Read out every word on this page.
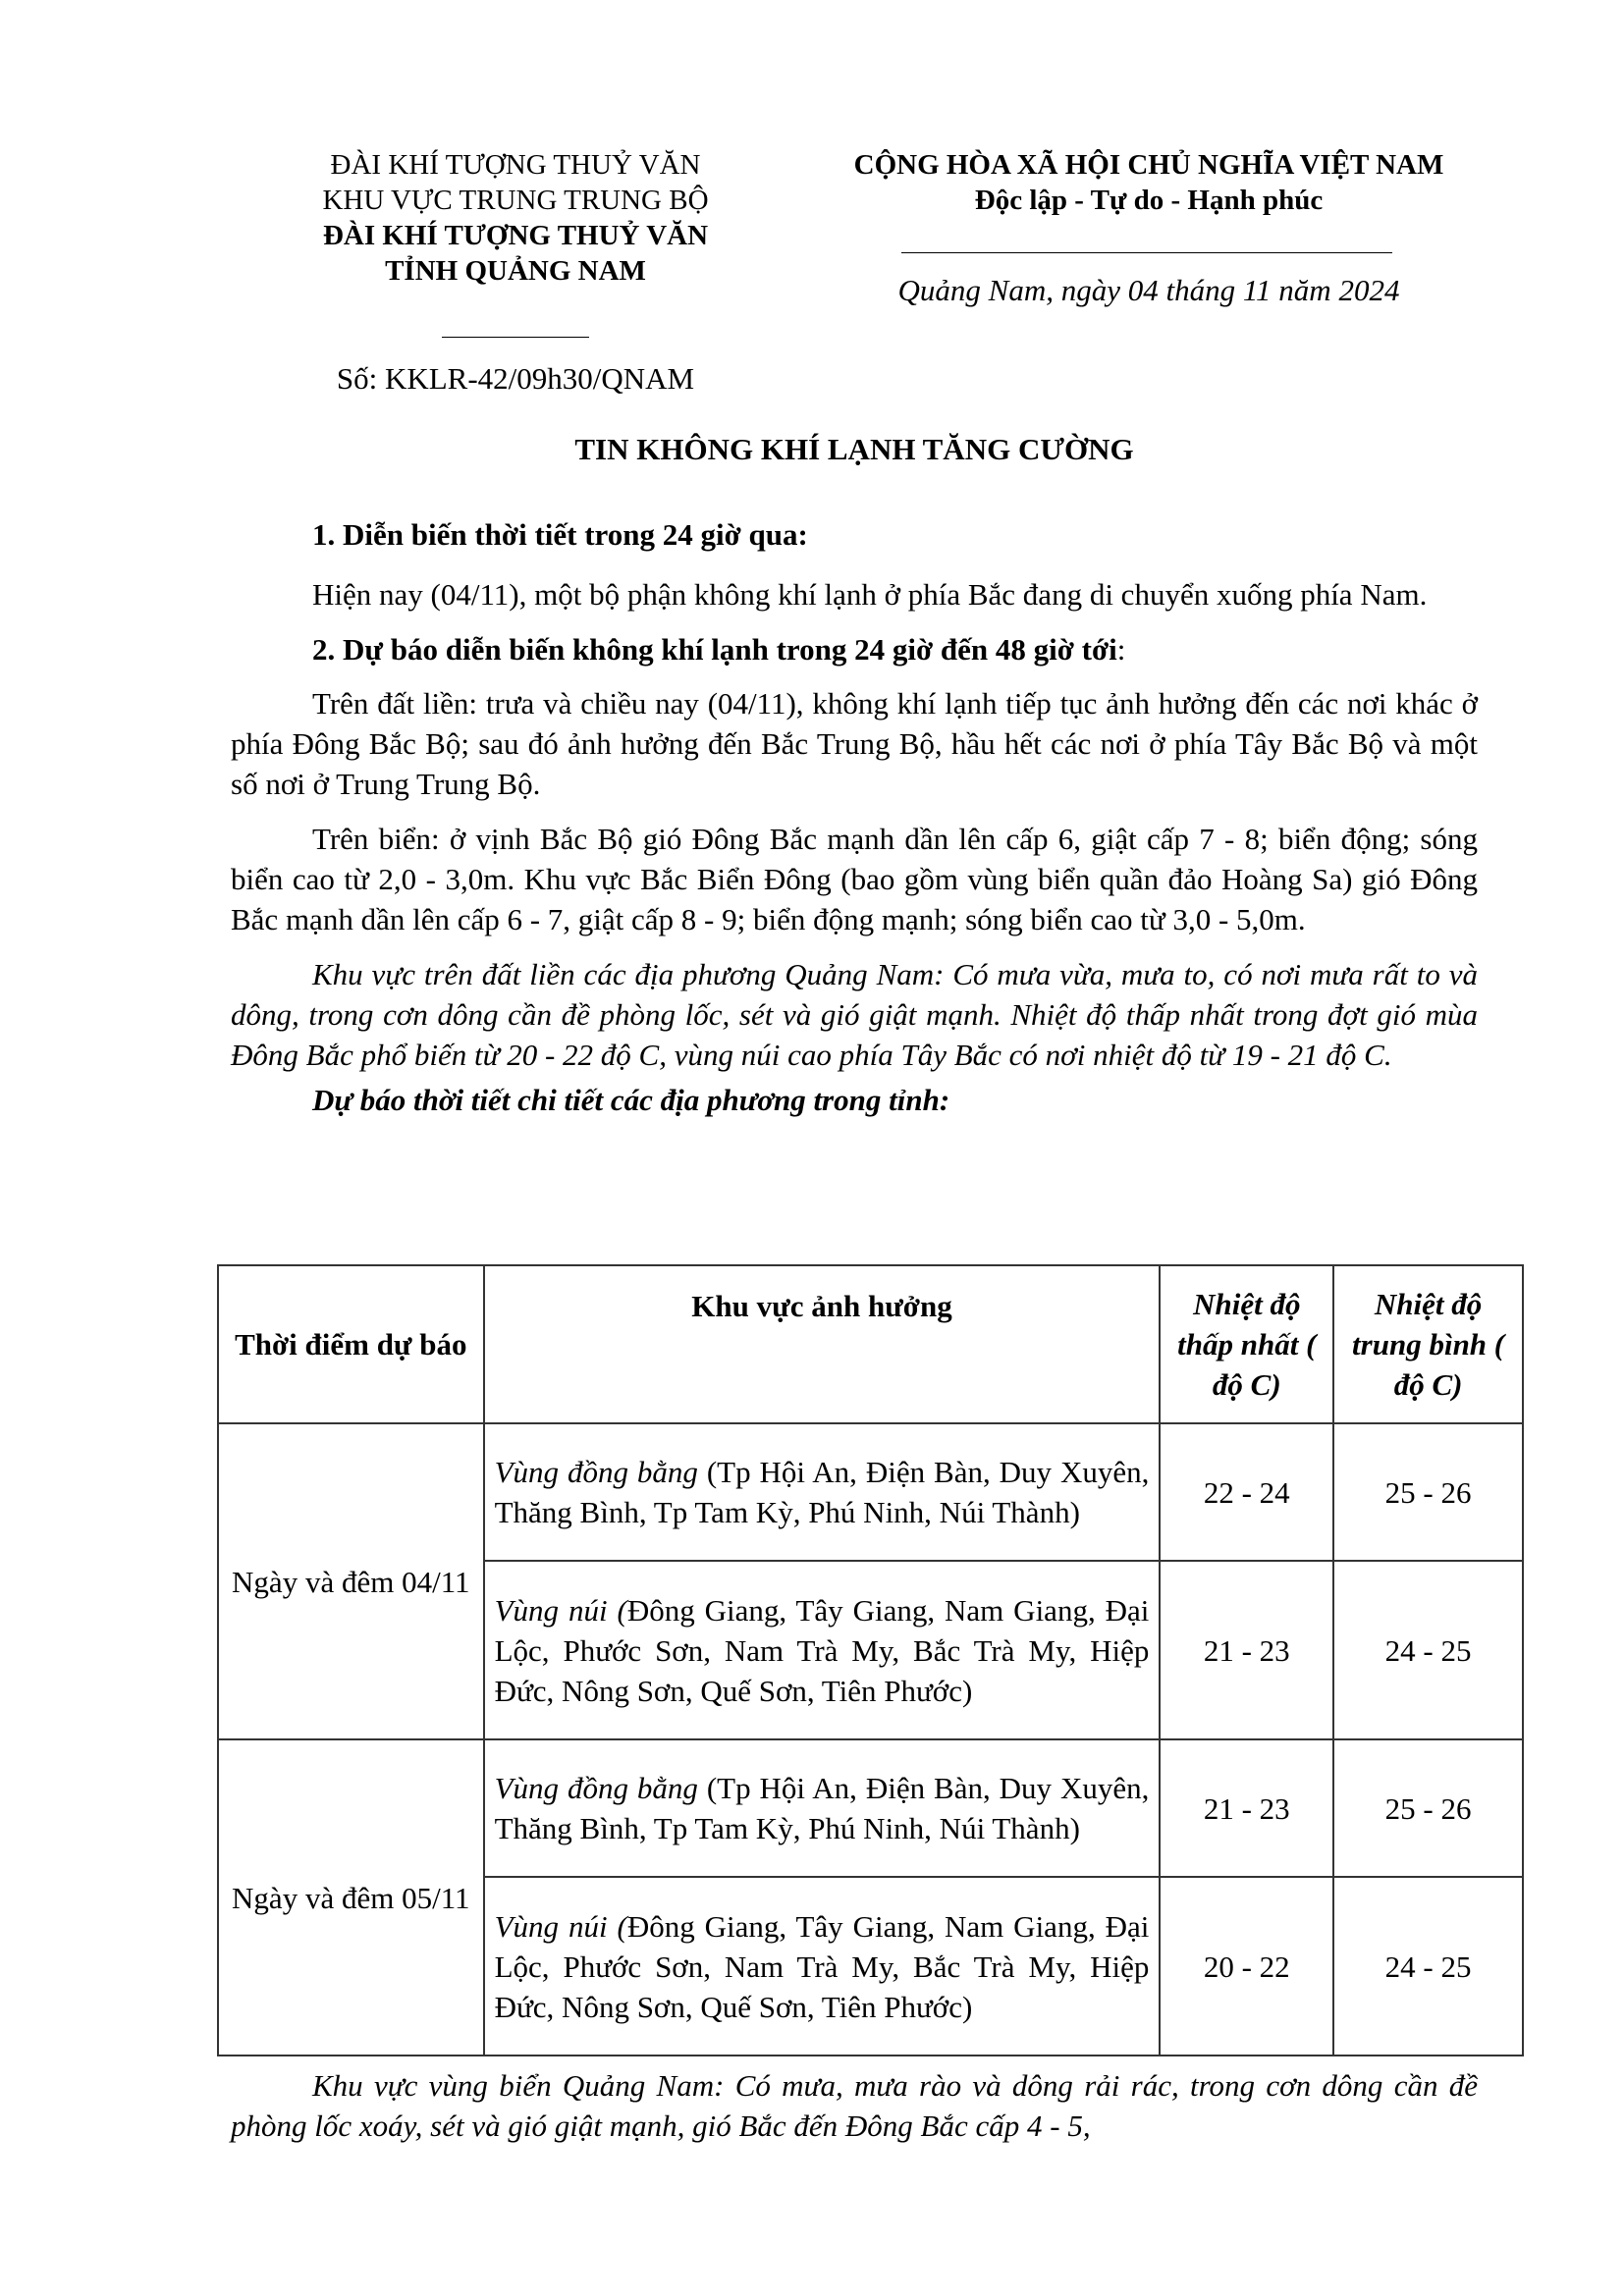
ĐÀI KHÍ TƯỢNG THUỶ VĂN
KHU VỰC TRUNG TRUNG BỘ
ĐÀI KHÍ TƯỢNG THUỶ VĂN
TỈNH QUẢNG NAM
Số: KKLR-42/09h30/QNAM
CỘNG HÒA XÃ HỘI CHỦ NGHĨA VIỆT NAM
Độc lập - Tự do - Hạnh phúc
Quảng Nam, ngày 04 tháng 11 năm 2024
TIN KHÔNG KHÍ LẠNH TĂNG CƯỜNG

1. Diễn biến thời tiết trong 24 giờ qua:

Hiện nay (04/11), một bộ phận không khí lạnh ở phía Bắc đang di chuyển xuống phía Nam.

2. Dự báo diễn biến không khí lạnh trong 24 giờ đến 48 giờ tới:

Trên đất liền: trưa và chiều nay (04/11), không khí lạnh tiếp tục ảnh hưởng đến các nơi khác ở phía Đông Bắc Bộ; sau đó ảnh hưởng đến Bắc Trung Bộ, hầu hết các nơi ở phía Tây Bắc Bộ và một số nơi ở Trung Trung Bộ.

Trên biển: ở vịnh Bắc Bộ gió Đông Bắc mạnh dần lên cấp 6, giật cấp 7 - 8; biển động; sóng biển cao từ 2,0 - 3,0m. Khu vực Bắc Biển Đông (bao gồm vùng biển quần đảo Hoàng Sa) gió Đông Bắc mạnh dần lên cấp 6 - 7, giật cấp 8 - 9; biển động mạnh; sóng biển cao từ 3,0 - 5,0m.

Khu vực trên đất liền các địa phương Quảng Nam: Có mưa vừa, mưa to, có nơi mưa rất to và dông, trong cơn dông cần đề phòng lốc, sét và gió giật mạnh. Nhiệt độ thấp nhất trong đợt gió mùa Đông Bắc phổ biến từ 20 - 22 độ C, vùng núi cao phía Tây Bắc có nơi nhiệt độ từ 19 - 21 độ C.

Dự báo thời tiết chi tiết các địa phương trong tỉnh:

Thời điểm dự báo	Khu vực ảnh hưởng	Nhiệt độ thấp nhất ( độ C)	Nhiệt độ trung bình ( độ C)
Ngày và đêm 04/11	Vùng đồng bằng (Tp Hội An, Điện Bàn, Duy Xuyên, Thăng Bình, Tp Tam Kỳ, Phú Ninh, Núi Thành)	22 - 24	25 - 26
	Vùng núi (Đông Giang, Tây Giang, Nam Giang, Đại Lộc, Phước Sơn, Nam Trà My, Bắc Trà My, Hiệp Đức, Nông Sơn, Quế Sơn, Tiên Phước)	21 - 23	24 - 25
Ngày và đêm 05/11	Vùng đồng bằng (Tp Hội An, Điện Bàn, Duy Xuyên, Thăng Bình, Tp Tam Kỳ, Phú Ninh, Núi Thành)	21 - 23	25 - 26
	Vùng núi (Đông Giang, Tây Giang, Nam Giang, Đại Lộc, Phước Sơn, Nam Trà My, Bắc Trà My, Hiệp Đức, Nông Sơn, Quế Sơn, Tiên Phước)	20 - 22	24 - 25

Khu vực vùng biển Quảng Nam: Có mưa, mưa rào và dông rải rác, trong cơn dông cần đề phòng lốc xoáy, sét và gió giật mạnh, gió Bắc đến Đông Bắc cấp 4 - 5,
